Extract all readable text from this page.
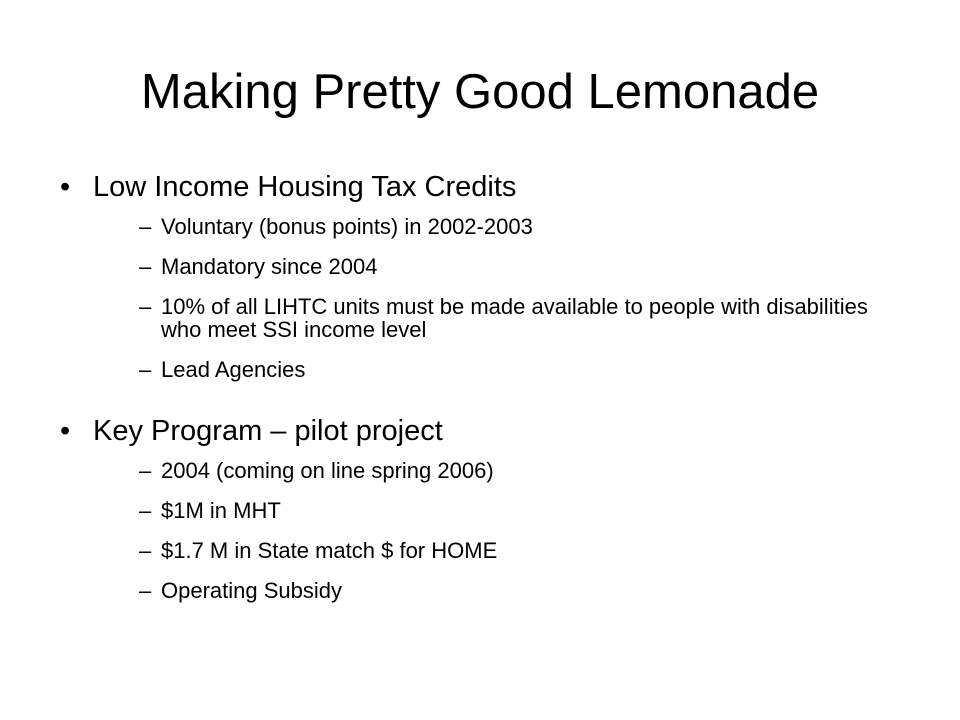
Making Pretty Good Lemonade
• Low Income Housing Tax Credits
– Voluntary (bonus points) in 2002-2003
– Mandatory since 2004
– 10% of all LIHTC units must be made available to people with disabilities who meet SSI income level
– Lead Agencies
• Key Program – pilot project
– 2004 (coming on line spring 2006)
– $1M in MHT
– $1.7 M in State match $ for HOME
– Operating Subsidy
